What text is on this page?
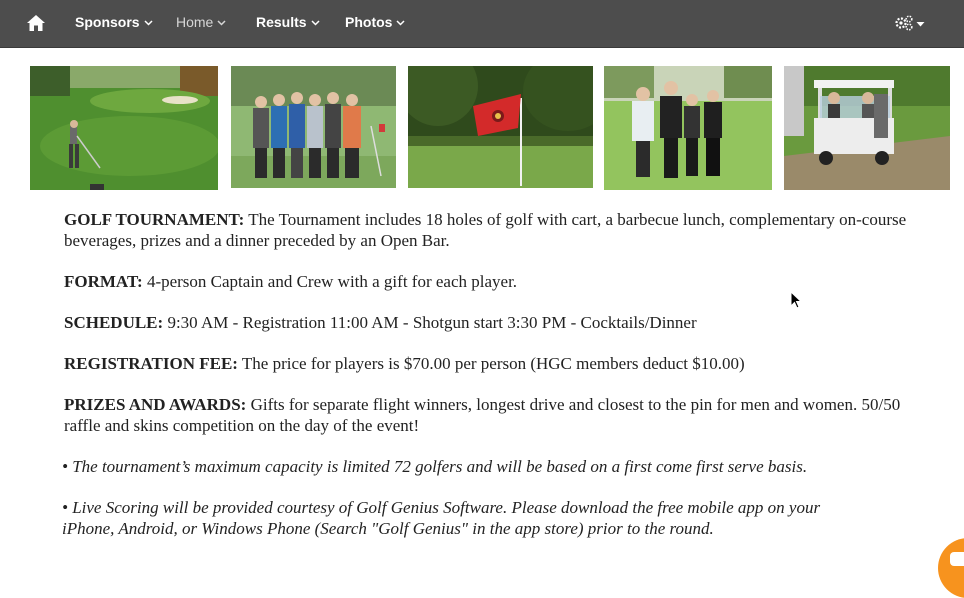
Sponsors	Home	Results	Photos

GOLF TOURNAMENT: The Tournament includes 18 holes of golf with cart, a barbecue lunch, complementary on-course beverages, prizes and a dinner preceded by an Open Bar.

FORMAT: 4-person Captain and Crew with a gift for each player.

SCHEDULE: 9:30 AM - Registration 11:00 AM - Shotgun start 3:30 PM - Cocktails/Dinner

REGISTRATION FEE: The price for players is $70.00 per person (HGC members deduct $10.00)

PRIZES AND AWARDS: Gifts for separate flight winners, longest drive and closest to the pin for men and women. 50/50 raffle and skins competition on the day of the event!

• The tournament’s maximum capacity is limited 72 golfers and will be based on a first come first serve basis.

• Live Scoring will be provided courtesy of Golf Genius Software. Please download the free mobile app on your iPhone, Android, or Windows Phone (Search "Golf Genius" in the app store) prior to the round.
